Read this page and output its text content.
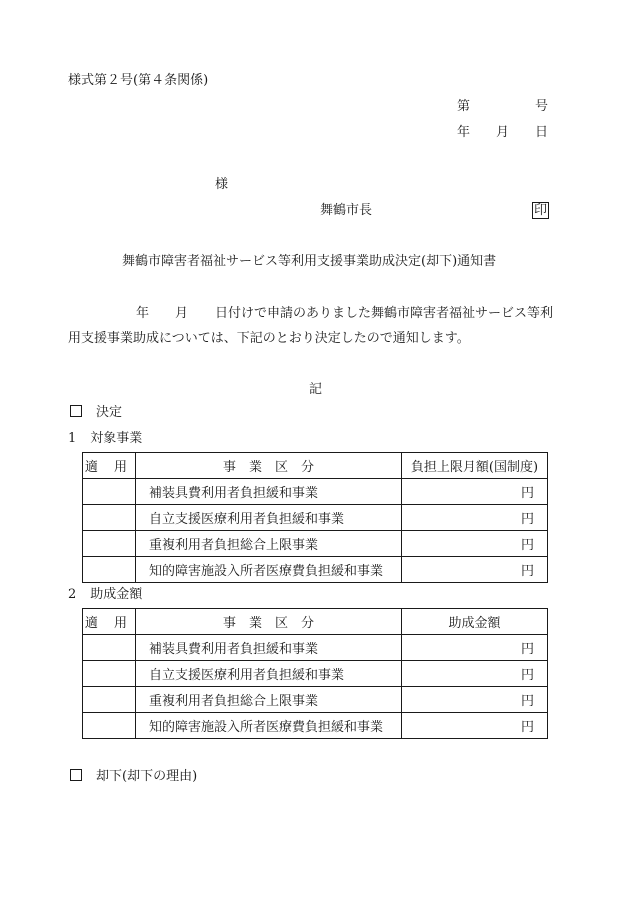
様式第２号(第４条関係)
第	号
年 月 日
様
舞鶴市長	印
舞鶴市障害者福祉サービス等利用支援事業助成決定(却下)通知書
年 月 日付けで申請のありました舞鶴市障害者福祉サービス等利
用支援事業助成については、下記のとおり決定したので通知します。
記
決定
1 対象事業
適 用	事　業　区　分	負担上限月額(国制度)
	補装具費利用者負担緩和事業	円
	自立支援医療利用者負担緩和事業	円
	重複利用者負担総合上限事業	円
	知的障害施設入所者医療費負担緩和事業	円
2 助成金額
適 用	事　業　区　分	助成金額
	補装具費利用者負担緩和事業	円
	自立支援医療利用者負担緩和事業	円
	重複利用者負担総合上限事業	円
	知的障害施設入所者医療費負担緩和事業	円
却下(却下の理由)
